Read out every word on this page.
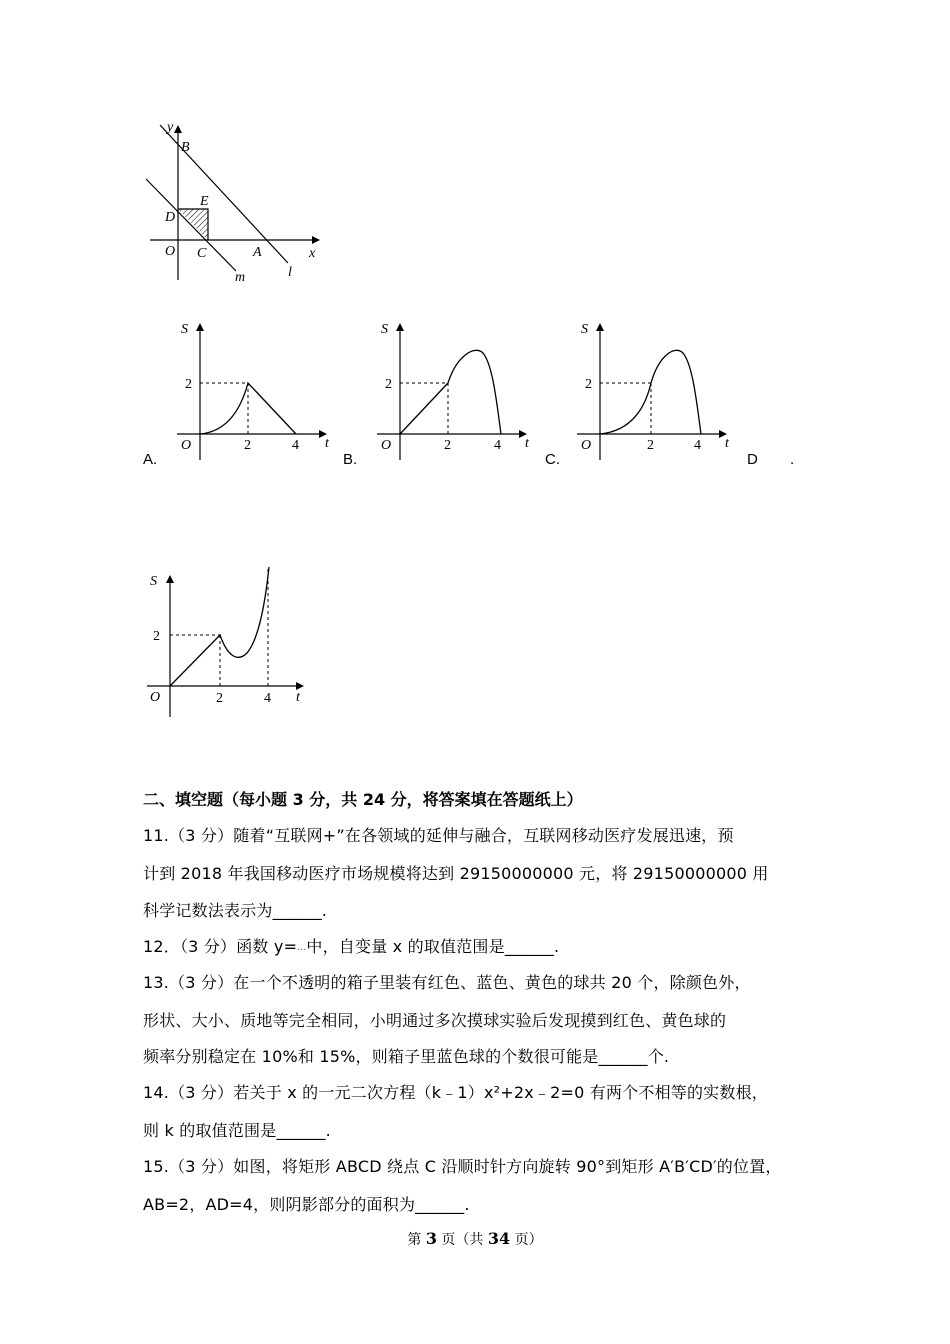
y
x
B
E
D
O C	A
m	l
A.
S
t
O
2
2	4
B.
S
t
O
2
2	4
C.
S
t
O
2
2	4
D .
S
t
O
2
2	4
二、填空题（每小题 3 分，共 24 分，将答案填在答题纸上）
11.（3 分）随着“互联网+”在各领域的延伸与融合，互联网移动医疗发展迅速，预
计到 2018 年我国移动医疗市场规模将达到 29150000000 元，将 29150000000 用
科学记数法表示为______.
12．（3 分）函数 y=…中，自变量 x 的取值范围是______.
13.（3 分）在一个不透明的箱子里装有红色、蓝色、黄色的球共 20 个，除颜色外，
形状、大小、质地等完全相同，小明通过多次摸球实验后发现摸到红色、黄色球的
频率分别稳定在 10%和 15%，则箱子里蓝色球的个数很可能是______个.
14.（3 分）若关于 x 的一元二次方程（k﹣1）x²+2x﹣2=0 有两个不相等的实数根，
则 k 的取值范围是______.
15.（3 分）如图，将矩形 ABCD 绕点 C 沿顺时针方向旋转 90°到矩形 A′B′CD′的位置，
AB=2，AD=4，则阴影部分的面积为______.
第 3 页（共 34 页）
